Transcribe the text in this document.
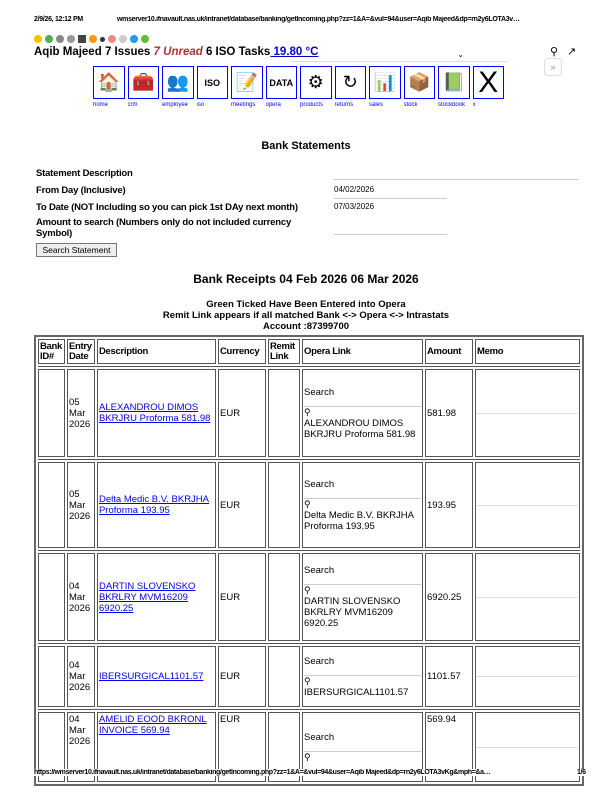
2/9/26, 12:12 PM	wmserver10.ifnavault.nas.uk/intranet/database/banking/getIncoming.php?zz=1&A=&vul=94&user=Aqib Majeed&dp=rn2y6LOTA3v…
Aqib Majeed 7 Issues 7 Unread 6 ISO Tasks 19.80 °C	⌄	⚲ ↗
»
🏠 🧰 👥 ISO 📝 DATA ⚙ ↻ 📊 📦 📗 X
home	crm	employee	iso	meetings	opera	products	returns	sales	stock	stockbook	x
Bank Statements
Statement Description
From Day (Inclusive)	04/02/2026
To Date (NOT Including so you can pick 1st DAy next month)	07/03/2026
Amount to search (Numbers only do not included currency Symbol)
Search Statement
Bank Receipts 04 Feb 2026 06 Mar 2026
Green Ticked Have Been Entered into Opera
Remit Link appears if all matched Bank <-> Opera <-> Intrastats
Account :87399700
Bank ID#	Entry Date	Description	Currency	Remit Link	Opera Link	Amount	Memo

	05 Mar 2026	ALEXANDROU DIMOS BKRJRU Proforma 581.98	EUR		Search
⚲
ALEXANDROU DIMOS BKRJRU Proforma 581.98	581.98	

	05 Mar 2026	Delta Medic B.V. BKRJHA Proforma 193.95	EUR		Search
⚲
Delta Medic B.V. BKRJHA Proforma 193.95	193.95	

	04 Mar 2026	DARTIN SLOVENSKO BKRLRY MVM16209 6920.25	EUR		Search
⚲
DARTIN SLOVENSKO BKRLRY MVM16209 6920.25	6920.25	

	04 Mar 2026	IBERSURGICAL1101.57	EUR		Search
⚲
IBERSURGICAL1101.57	1101.57	

	04 Mar 2026	AMELID EOOD BKRONL INVOICE 569.94	EUR		Search
⚲	569.94	
https://wmserver10.ifnavault.nas.uk/intranet/database/banking/getIncoming.php?zz=1&A=&vul=94&user=Aqib Majeed&dp=rn2y6LOTA3vKg&mph=&a…	1/6
